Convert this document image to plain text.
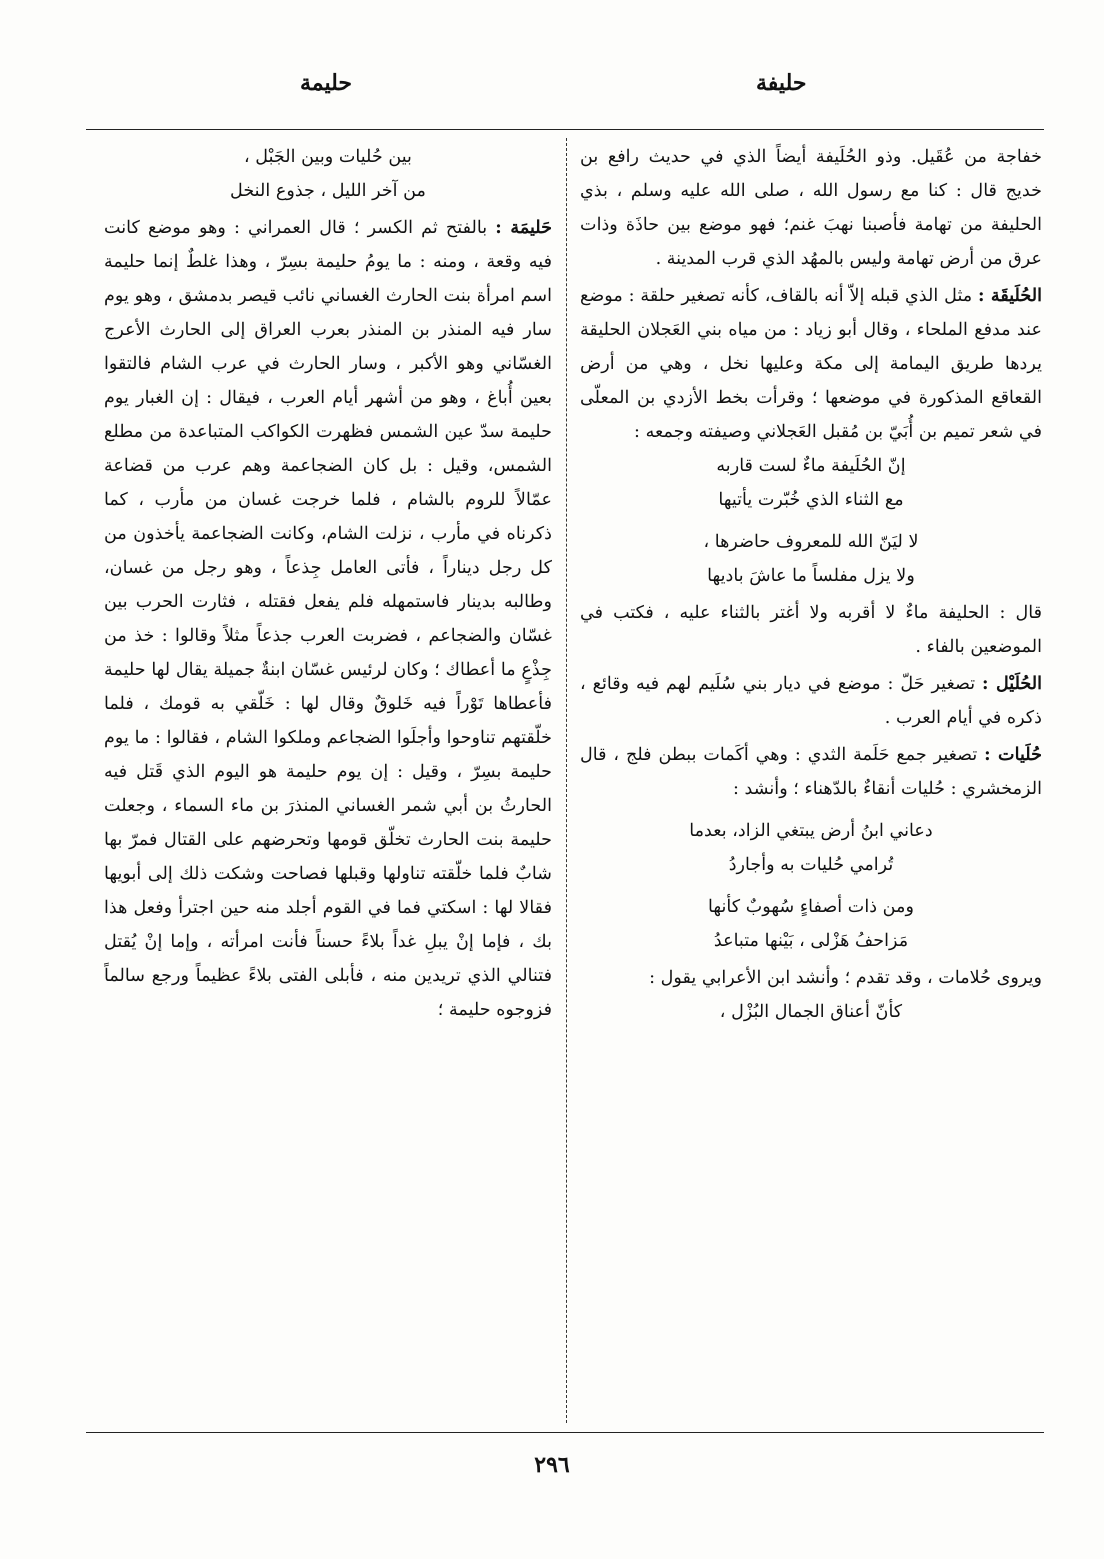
حليفة
حليمة

خفاجة من عُقَيل. وذو الحُلَيفة أيضاً الذي في حديث رافع بن خديج قال : كنا مع رسول الله ، صلى الله عليه وسلم ، بذي الحليفة من تهامة فأصبنا نهبَ غنم؛ فهو موضع بين حاذَة وذات عرق من أرض تهامة وليس بالمهُد الذي قرب المدينة .

الحُلَيقَة : مثل الذي قبله إلاّ أنه بالقاف، كأنه تصغير حلقة : موضع عند مدفع الملحاء ، وقال أبو زياد : من مياه بني العَجلان الحليقة يردها طريق اليمامة إلى مكة وعليها نخل ، وهي من أرض القعاقع المذكورة في موضعها ؛ وقرأت بخط الأزدي بن المعلّى في شعر تميم بن أُبَيّ بن مُقبل العَجلاني وصيفته وجمعه :

إنّ الحُلَيفة ماءٌ لست قاربه

مع الثناء الذي خُبّرت يأتيها

لا ليَنّ الله للمعروف حاضرها ،

ولا يزل مفلساً ما عاشَ باديها

قال : الحليفة ماءٌ لا أقربه ولا أغتر بالثناء عليه ، فكتب في الموضعين بالفاء .

الحُلَيْل : تصغير حَلّ : موضع في ديار بني سُلَيم لهم فيه وقائع ، ذكره في أيام العرب .

حُلَيات : تصغير جمع حَلَمة الثدي : وهي أكَمات ببطن فلج ، قال الزمخشري : حُليات أنقاءٌ بالدّهناء ؛ وأنشد :

دعاني ابنُ أرض يبتغي الزاد، بعدما

تُرامي حُليات به وأجاردُ

ومن ذات أصفاءٍ سُهوبٌ كأنها

مَزاحفُ هَزْلى ، بَيْنها متباعدُ

ويروى حُلامات ، وقد تقدم ؛ وأنشد ابن الأعرابي يقول :

كأنّ أعناق الجمال البُزْل ،

بين حُليات وبين الجَبْل ،

من آخر الليل ، جذوع النخل

حَليمَة : بالفتح ثم الكسر ؛ قال العمراني : وهو موضع كانت فيه وقعة ، ومنه : ما يومُ حليمة بسِرّ ، وهذا غلطٌ إنما حليمة اسم امرأة بنت الحارث الغساني نائب قيصر بدمشق ، وهو يوم سار فيه المنذر بن المنذر بعرب العراق إلى الحارث الأعرج الغسّاني وهو الأكبر ، وسار الحارث في عرب الشام فالتقوا بعين أُباغ ، وهو من أشهر أيام العرب ، فيقال : إن الغبار يوم حليمة سدّ عين الشمس فظهرت الكواكب المتباعدة من مطلع الشمس، وقيل : بل كان الضجاعمة وهم عرب من قضاعة عمّالاً للروم بالشام ، فلما خرجت غسان من مأرب ، كما ذكرناه في مأرب ، نزلت الشام، وكانت الضجاعمة يأخذون من كل رجل ديناراً ، فأتى العامل جِذعاً ، وهو رجل من غسان، وطالبه بدينار فاستمهله فلم يفعل فقتله ، فثارت الحرب بين غسّان والضجاعم ، فضربت العرب جذعاً مثلاً وقالوا : خذ من جِذْعٍ ما أعطاك ؛ وكان لرئيس غسّان ابنةٌ جميلة يقال لها حليمة فأعطاها تَوْراً فيه خَلوقٌ وقال لها : خَلّقي به قومك ، فلما خلّقتهم تناوحوا وأجلَوا الضجاعم وملكوا الشام ، فقالوا : ما يوم حليمة بسِرّ ، وقيل : إن يوم حليمة هو اليوم الذي قَتل فيه الحارثُ بن أبي شمر الغساني المنذرَ بن ماء السماء ، وجعلت حليمة بنت الحارث تخلّق قومها وتحرضهم على القتال فمرّ بها شابٌ فلما خلّقته تناولها وقبلها فصاحت وشكت ذلك إلى أبويها فقالا لها : اسكتي فما في القوم أجلد منه حين اجترأ وفعل هذا بك ، فإما إنْ يبلِ غداً بلاءً حسناً فأنت امرأته ، وإما إنْ يُقتل فتنالي الذي تريدين منه ، فأبلى الفتى بلاءً عظيماً ورجع سالماً فزوجوه حليمة ؛

٢٩٦
